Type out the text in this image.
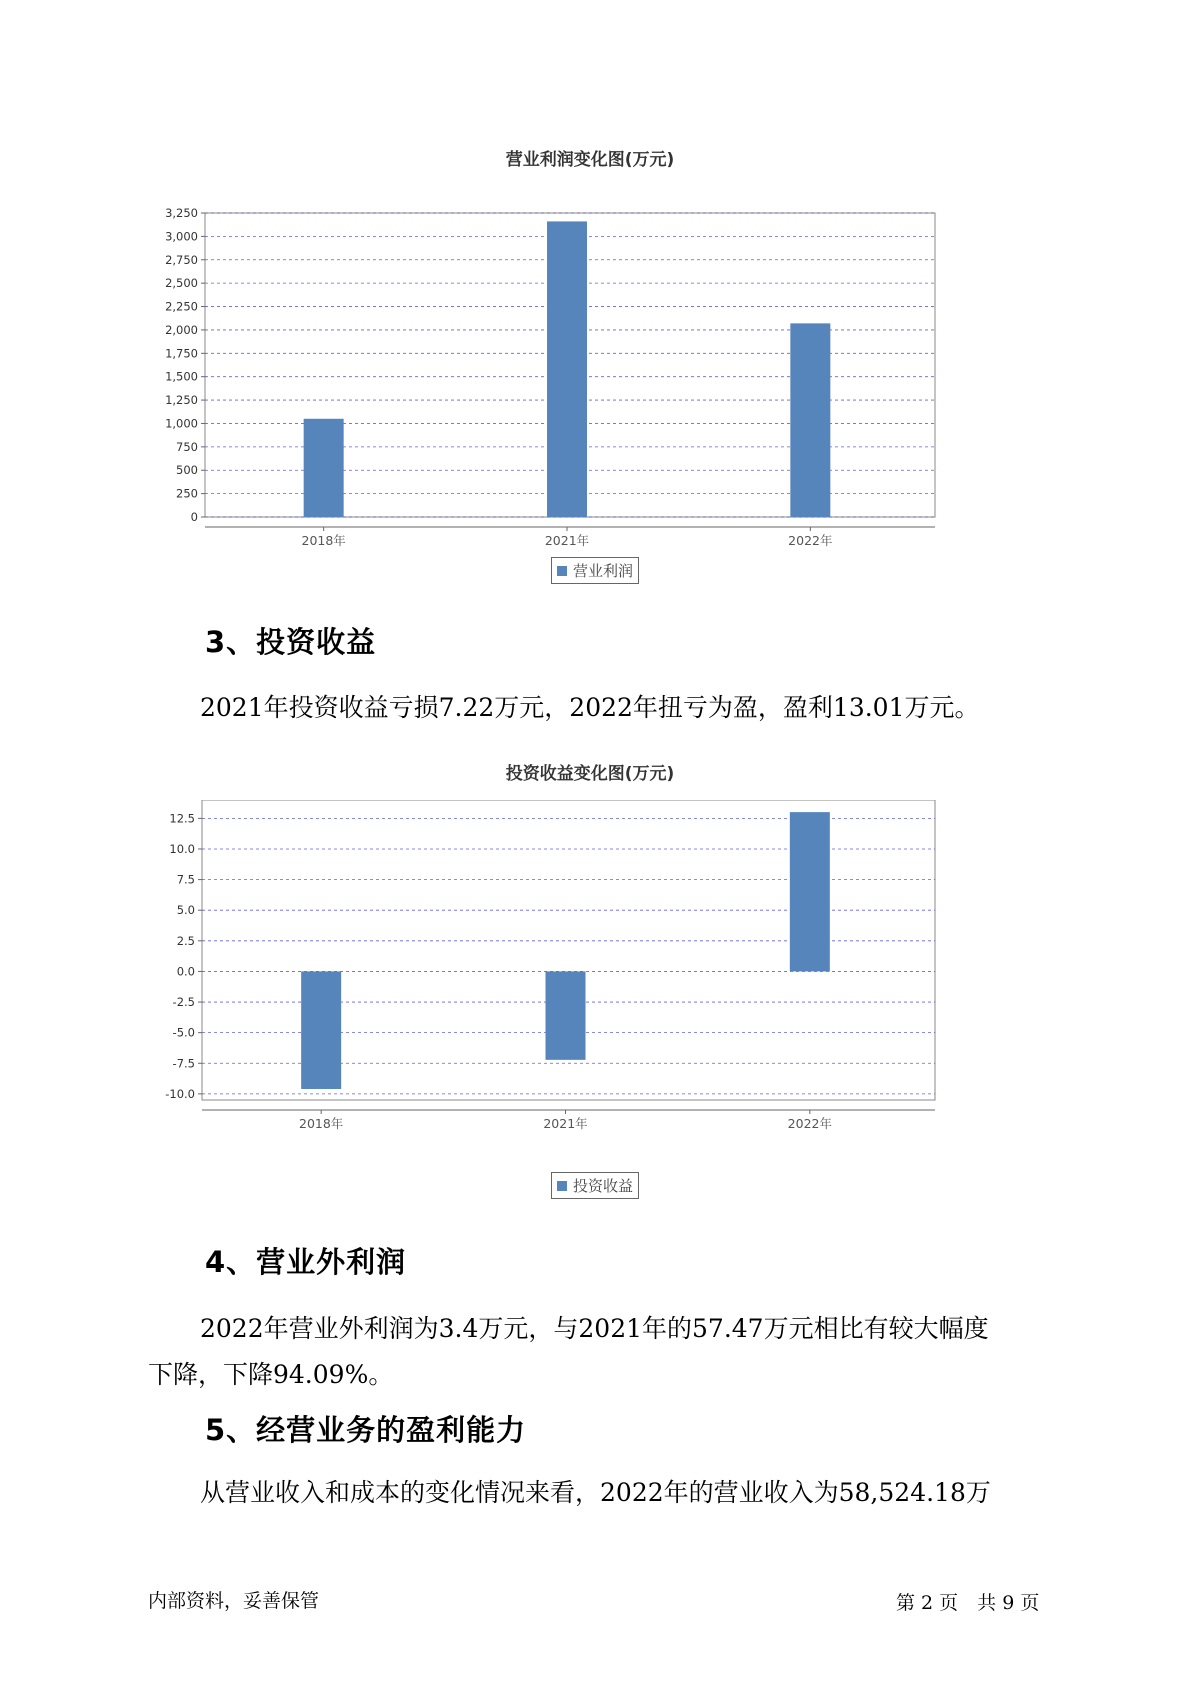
营业利润变化图(万元)
0
250
500
750
1,000
1,250
1,500
1,750
2,000
2,250
2,500
2,750
3,000
3,250
2018年	2021年	2022年
营业利润
3、投资收益
2021年投资收益亏损7.22万元，2022年扭亏为盈，盈利13.01万元。
投资收益变化图(万元)
-10.0
-7.5
-5.0
-2.5
0.0
2.5
5.0
7.5
10.0
12.5
2018年	2021年	2022年
投资收益
4、营业外利润
2022年营业外利润为3.4万元，与2021年的57.47万元相比有较大幅度
下降，下降94.09%。
5、经营业务的盈利能力
从营业收入和成本的变化情况来看，2022年的营业收入为58,524.18万
内部资料，妥善保管	第 2 页　共 9 页
